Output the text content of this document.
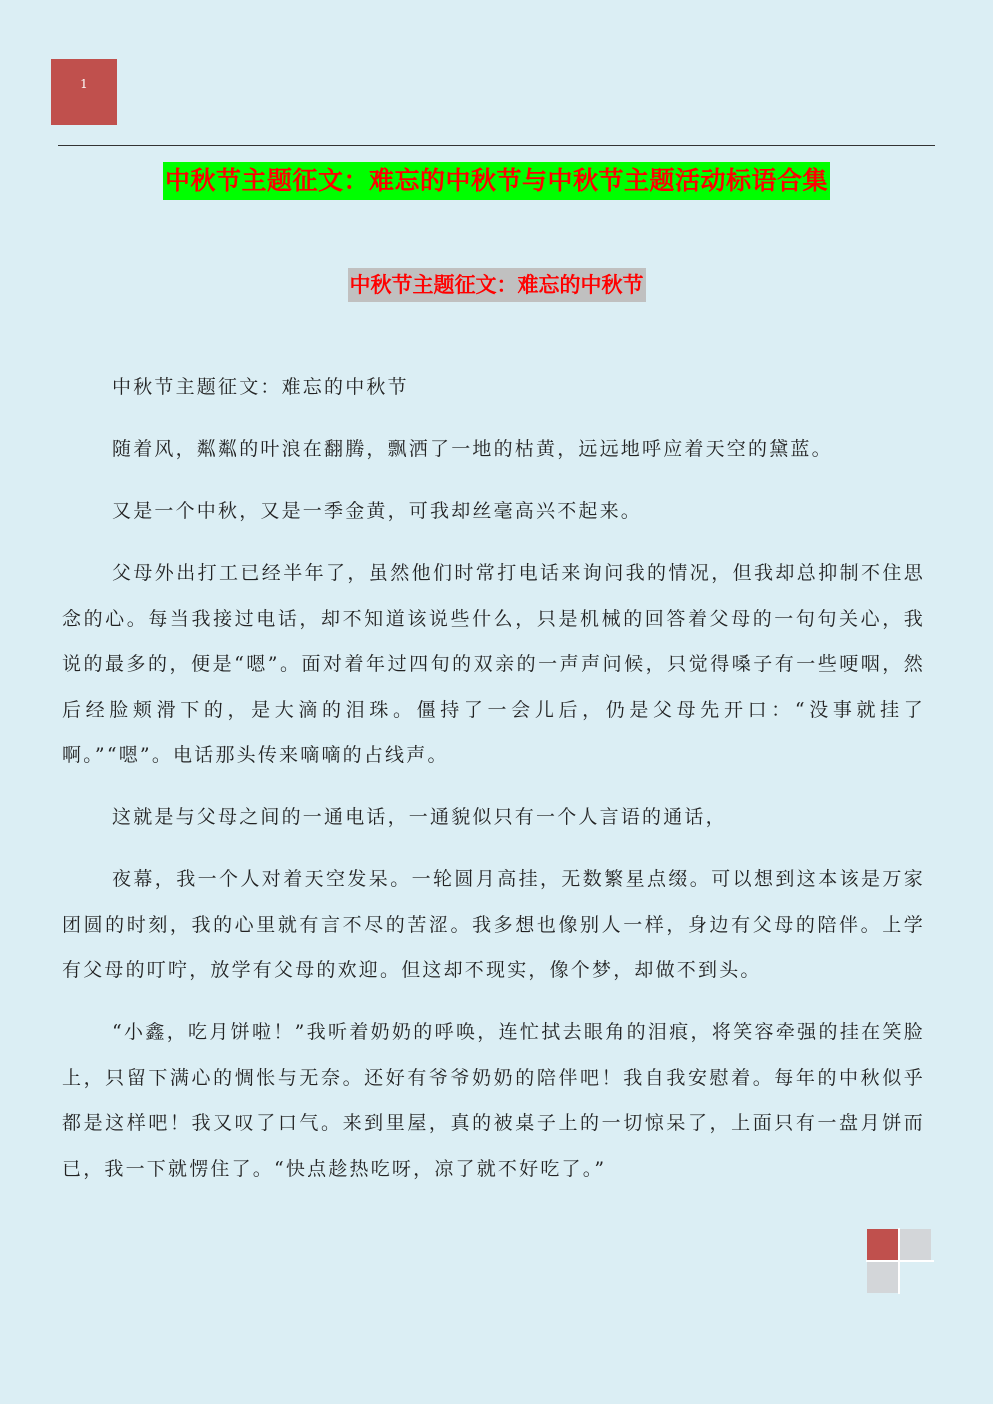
1
中秋节主题征文：难忘的中秋节与中秋节主题活动标语合集
中秋节主题征文：难忘的中秋节

中秋节主题征文：难忘的中秋节

随着风，粼粼的叶浪在翻腾，飘洒了一地的枯黄，远远地呼应着天空的黛蓝。

又是一个中秋，又是一季金黄，可我却丝毫高兴不起来。

父母外出打工已经半年了，虽然他们时常打电话来询问我的情况，但我却总抑制不住思念的心。每当我接过电话，却不知道该说些什么，只是机械的回答着父母的一句句关心，我说的最多的，便是“嗯”。面对着年过四旬的双亲的一声声问候，只觉得嗓子有一些哽咽，然后经脸颊滑下的，是大滴的泪珠。僵持了一会儿后，仍是父母先开口：“没事就挂了啊。”“嗯”。电话那头传来嘀嘀的占线声。

这就是与父母之间的一通电话，一通貌似只有一个人言语的通话，

夜幕，我一个人对着天空发呆。一轮圆月高挂，无数繁星点缀。可以想到这本该是万家团圆的时刻，我的心里就有言不尽的苦涩。我多想也像别人一样，身边有父母的陪伴。上学有父母的叮咛，放学有父母的欢迎。但这却不现实，像个梦，却做不到头。

“小鑫，吃月饼啦！”我听着奶奶的呼唤，连忙拭去眼角的泪痕，将笑容牵强的挂在笑脸上，只留下满心的惆怅与无奈。还好有爷爷奶奶的陪伴吧！我自我安慰着。每年的中秋似乎都是这样吧！我又叹了口气。来到里屋，真的被桌子上的一切惊呆了，上面只有一盘月饼而已，我一下就愣住了。“快点趁热吃呀，凉了就不好吃了。”
